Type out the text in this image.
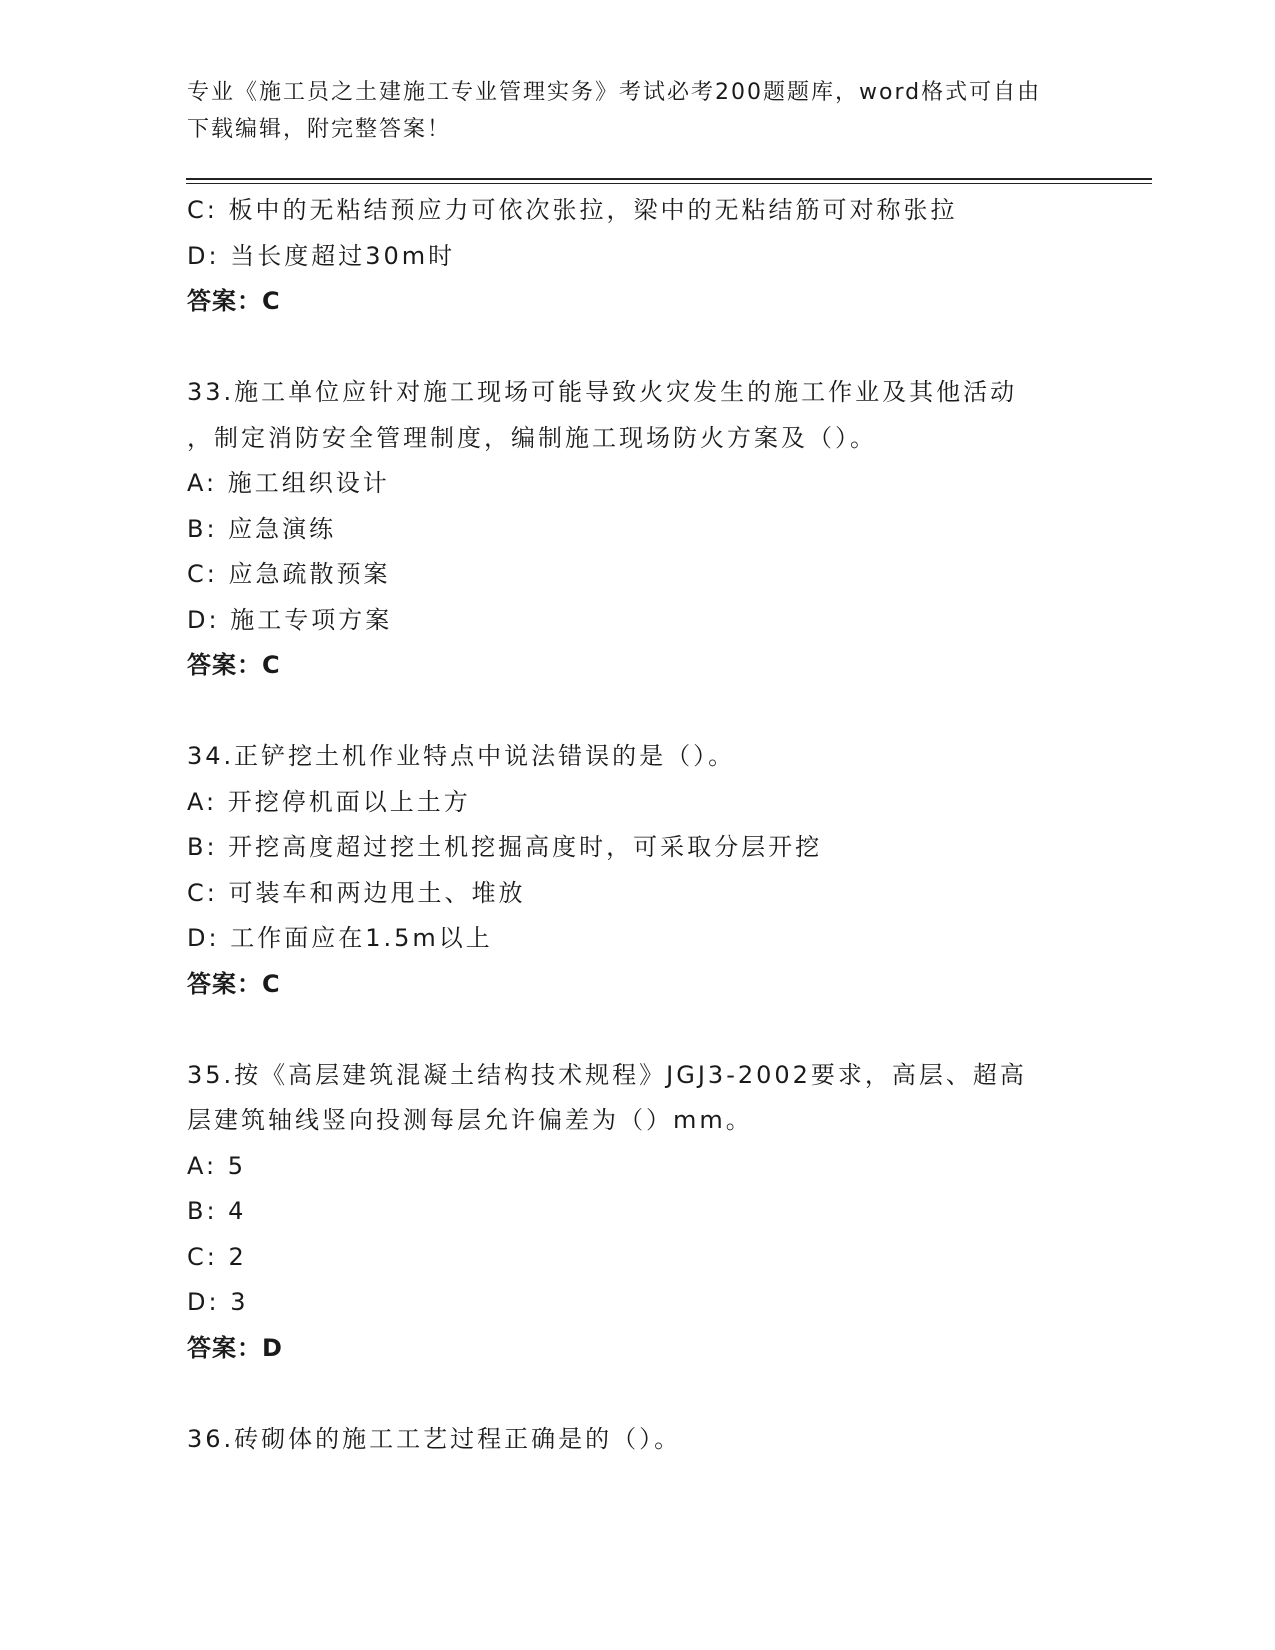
专业《施工员之土建施工专业管理实务》考试必考200题题库，word格式可自由
下载编辑，附完整答案！
C: 板中的无粘结预应力可依次张拉，梁中的无粘结筋可对称张拉
D: 当长度超过30m时
答案：C
33.施工单位应针对施工现场可能导致火灾发生的施工作业及其他活动
，制定消防安全管理制度，编制施工现场防火方案及（）。
A: 施工组织设计
B: 应急演练
C: 应急疏散预案
D: 施工专项方案
答案：C
34.正铲挖土机作业特点中说法错误的是（）。
A: 开挖停机面以上土方
B: 开挖高度超过挖土机挖掘高度时，可采取分层开挖
C: 可装车和两边甩土、堆放
D: 工作面应在1.5m以上
答案：C
35.按《高层建筑混凝土结构技术规程》JGJ3-2002要求，高层、超高
层建筑轴线竖向投测每层允许偏差为（）mm。
A: 5
B: 4
C: 2
D: 3
答案：D
36.砖砌体的施工工艺过程正确是的（）。
